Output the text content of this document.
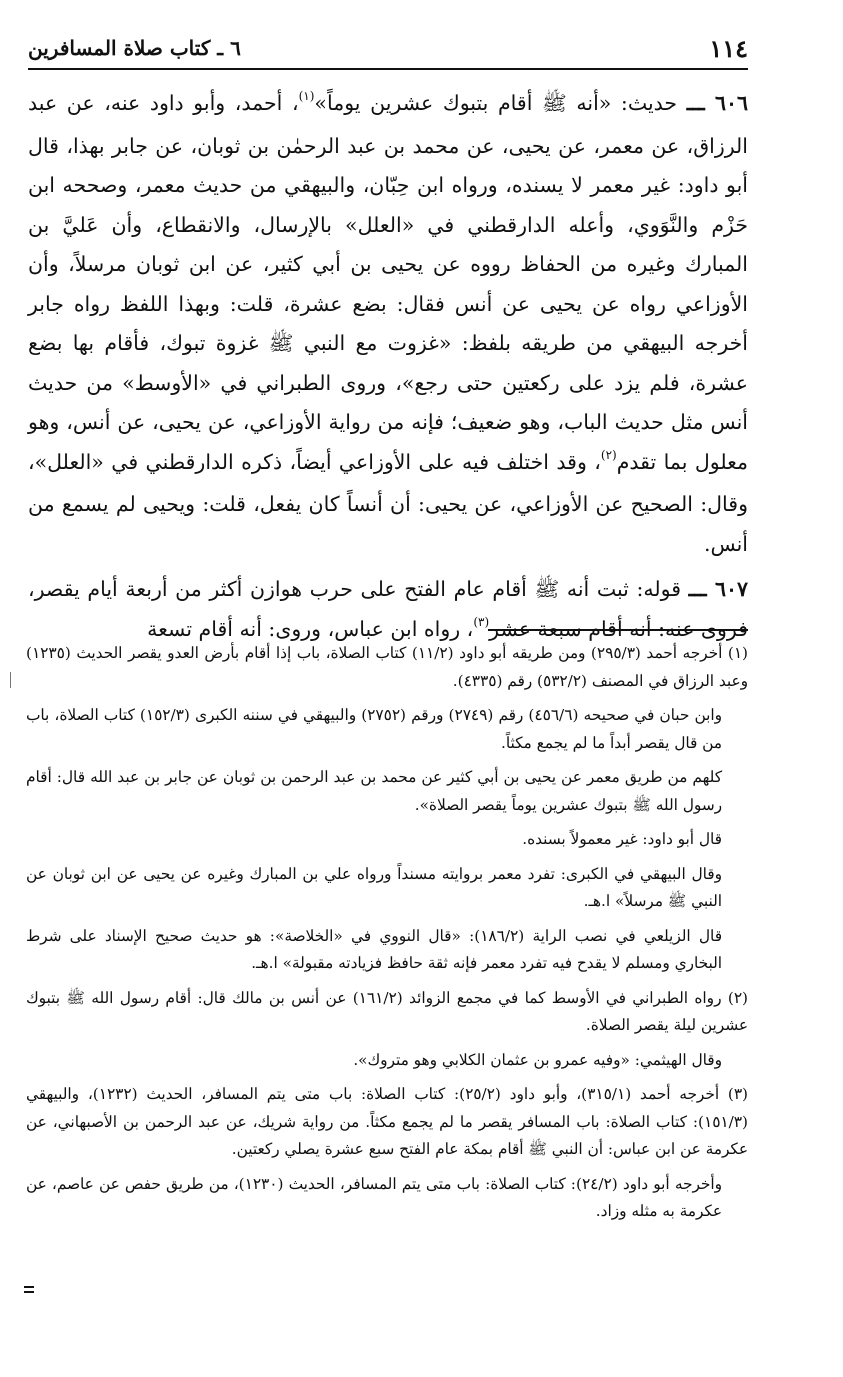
١١٤
٦ ـ كتاب صلاة المسافرين

٦٠٦ ـــ حديث: «أنه ﷺ أقام بتبوك عشرين يوماً»$^{(١)}$، أحمد، وأبو داود عنه، عن عبد الرزاق، عن معمر، عن يحيى، عن محمد بن عبد الرحمٰن بن ثوبان، عن جابر بهذا، قال أبو داود: غير معمر لا يسنده، ورواه ابن حِبّان، والبيهقي من حديث معمر، وصححه ابن حَزْم والنَّوَوي، وأعله الدارقطني في «العلل» بالإرسال، والانقطاع، وأن عَليَّ بن المبارك وغيره من الحفاظ رووه عن يحيى بن أبي كثير، عن ابن ثوبان مرسلاً، وأن الأوزاعي رواه عن يحيى عن أنس فقال: بضع عشرة، قلت: وبهذا اللفظ رواه جابر أخرجه البيهقي من طريقه بلفظ: «غزوت مع النبي ﷺ غزوة تبوك، فأقام بها بضع عشرة، فلم يزد على ركعتين حتى رجع»، وروى الطبراني في «الأوسط» من حديث أنس مثل حديث الباب، وهو ضعيف؛ فإنه من رواية الأوزاعي، عن يحيى، عن أنس، وهو معلول بما تقدم$^{(٢)}$، وقد اختلف فيه على الأوزاعي أيضاً، ذكره الدارقطني في «العلل»، وقال: الصحيح عن الأوزاعي، عن يحيى: أن أنساً كان يفعل، قلت: ويحيى لم يسمع من أنس.

٦٠٧ ـــ قوله: ثبت أنه ﷺ أقام عام الفتح على حرب هوازن أكثر من أربعة أيام يقصر، فروى عنه: أنه أقام سبعة عشر$^{(٣)}$، رواه ابن عباس، وروى: أنه أقام تسعة

(١) أخرجه أحمد (٢٩٥/٣) ومن طريقه أبو داود (١١/٢) كتاب الصلاة، باب إذا أقام بأرض العدو يقصر الحديث (١٢٣٥) وعبد الرزاق في المصنف (٥٣٢/٢) رقم (٤٣٣٥).

وابن حبان في صحيحه (٤٥٦/٦) رقم (٢٧٤٩) ورقم (٢٧٥٢) والبيهقي في سننه الكبرى (١٥٢/٣) كتاب الصلاة، باب من قال يقصر أبداً ما لم يجمع مكثاً.

كلهم من طريق معمر عن يحيى بن أبي كثير عن محمد بن عبد الرحمن بن ثوبان عن جابر بن عبد الله قال: أقام رسول الله ﷺ بتبوك عشرين يوماً يقصر الصلاة».

قال أبو داود: غير معمولاً بسنده.

وقال البيهقي في الكبرى: تفرد معمر بروايته مسنداً ورواه علي بن المبارك وغيره عن يحيى عن ابن ثوبان عن النبي ﷺ مرسلاً» ا.هـ.

قال الزيلعي في نصب الراية (١٨٦/٢): «قال النووي في «الخلاصة»: هو حديث صحيح الإسناد على شرط البخاري ومسلم لا يقدح فيه تفرد معمر فإنه ثقة حافظ فزيادته مقبولة» ا.هـ.

(٢) رواه الطبراني في الأوسط كما في مجمع الزوائد (١٦١/٢) عن أنس بن مالك قال: أقام رسول الله ﷺ بتبوك عشرين ليلة يقصر الصلاة.

وقال الهيثمي: «وفيه عمرو بن عثمان الكلابي وهو متروك».

(٣) أخرجه أحمد (٣١٥/١)، وأبو داود (٢٥/٢): كتاب الصلاة: باب متى يتم المسافر، الحديث (١٢٣٢)، والبيهقي (١٥١/٣): كتاب الصلاة: باب المسافر يقصر ما لم يجمع مكثاً. من رواية شريك، عن عبد الرحمن بن الأصبهاني، عن عكرمة عن ابن عباس: أن النبي ﷺ أقام بمكة عام الفتح سبع عشرة يصلي ركعتين.

وأخرجه أبو داود (٢٤/٢): كتاب الصلاة: باب متى يتم المسافر، الحديث (١٢٣٠)، من طريق حفص عن عاصم، عن عكرمة به مثله وزاد.
